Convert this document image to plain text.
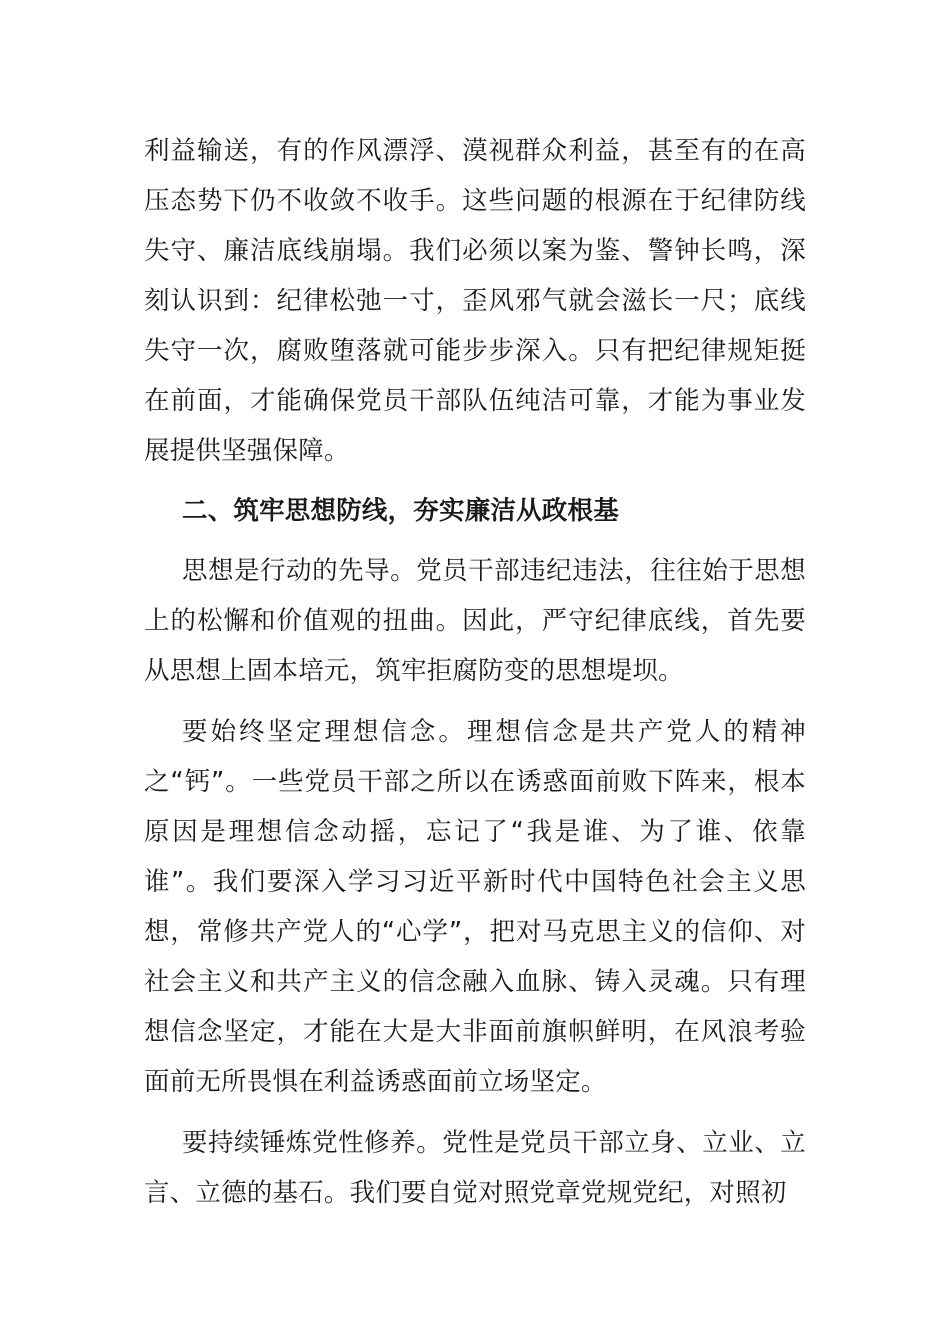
利益输送，有的作风漂浮、漠视群众利益，甚至有的在高压态势下仍不收敛不收手。这些问题的根源在于纪律防线失守、廉洁底线崩塌。我们必须以案为鉴、警钟长鸣，深刻认识到：纪律松弛一寸，歪风邪气就会滋长一尺；底线失守一次，腐败堕落就可能步步深入。只有把纪律规矩挺在前面，才能确保党员干部队伍纯洁可靠，才能为事业发展提供坚强保障。

二、筑牢思想防线，夯实廉洁从政根基

思想是行动的先导。党员干部违纪违法，往往始于思想上的松懈和价值观的扭曲。因此，严守纪律底线，首先要从思想上固本培元，筑牢拒腐防变的思想堤坝。

要始终坚定理想信念。理想信念是共产党人的精神之“钙”。一些党员干部之所以在诱惑面前败下阵来，根本原因是理想信念动摇，忘记了“我是谁、为了谁、依靠谁”。我们要深入学习习近平新时代中国特色社会主义思想，常修共产党人的“心学”，把对马克思主义的信仰、对社会主义和共产主义的信念融入血脉、铸入灵魂。只有理想信念坚定，才能在大是大非面前旗帜鲜明，在风浪考验面前无所畏惧在利益诱惑面前立场坚定。

要持续锤炼党性修养。党性是党员干部立身、立业、立言、立德的基石。我们要自觉对照党章党规党纪，对照初
